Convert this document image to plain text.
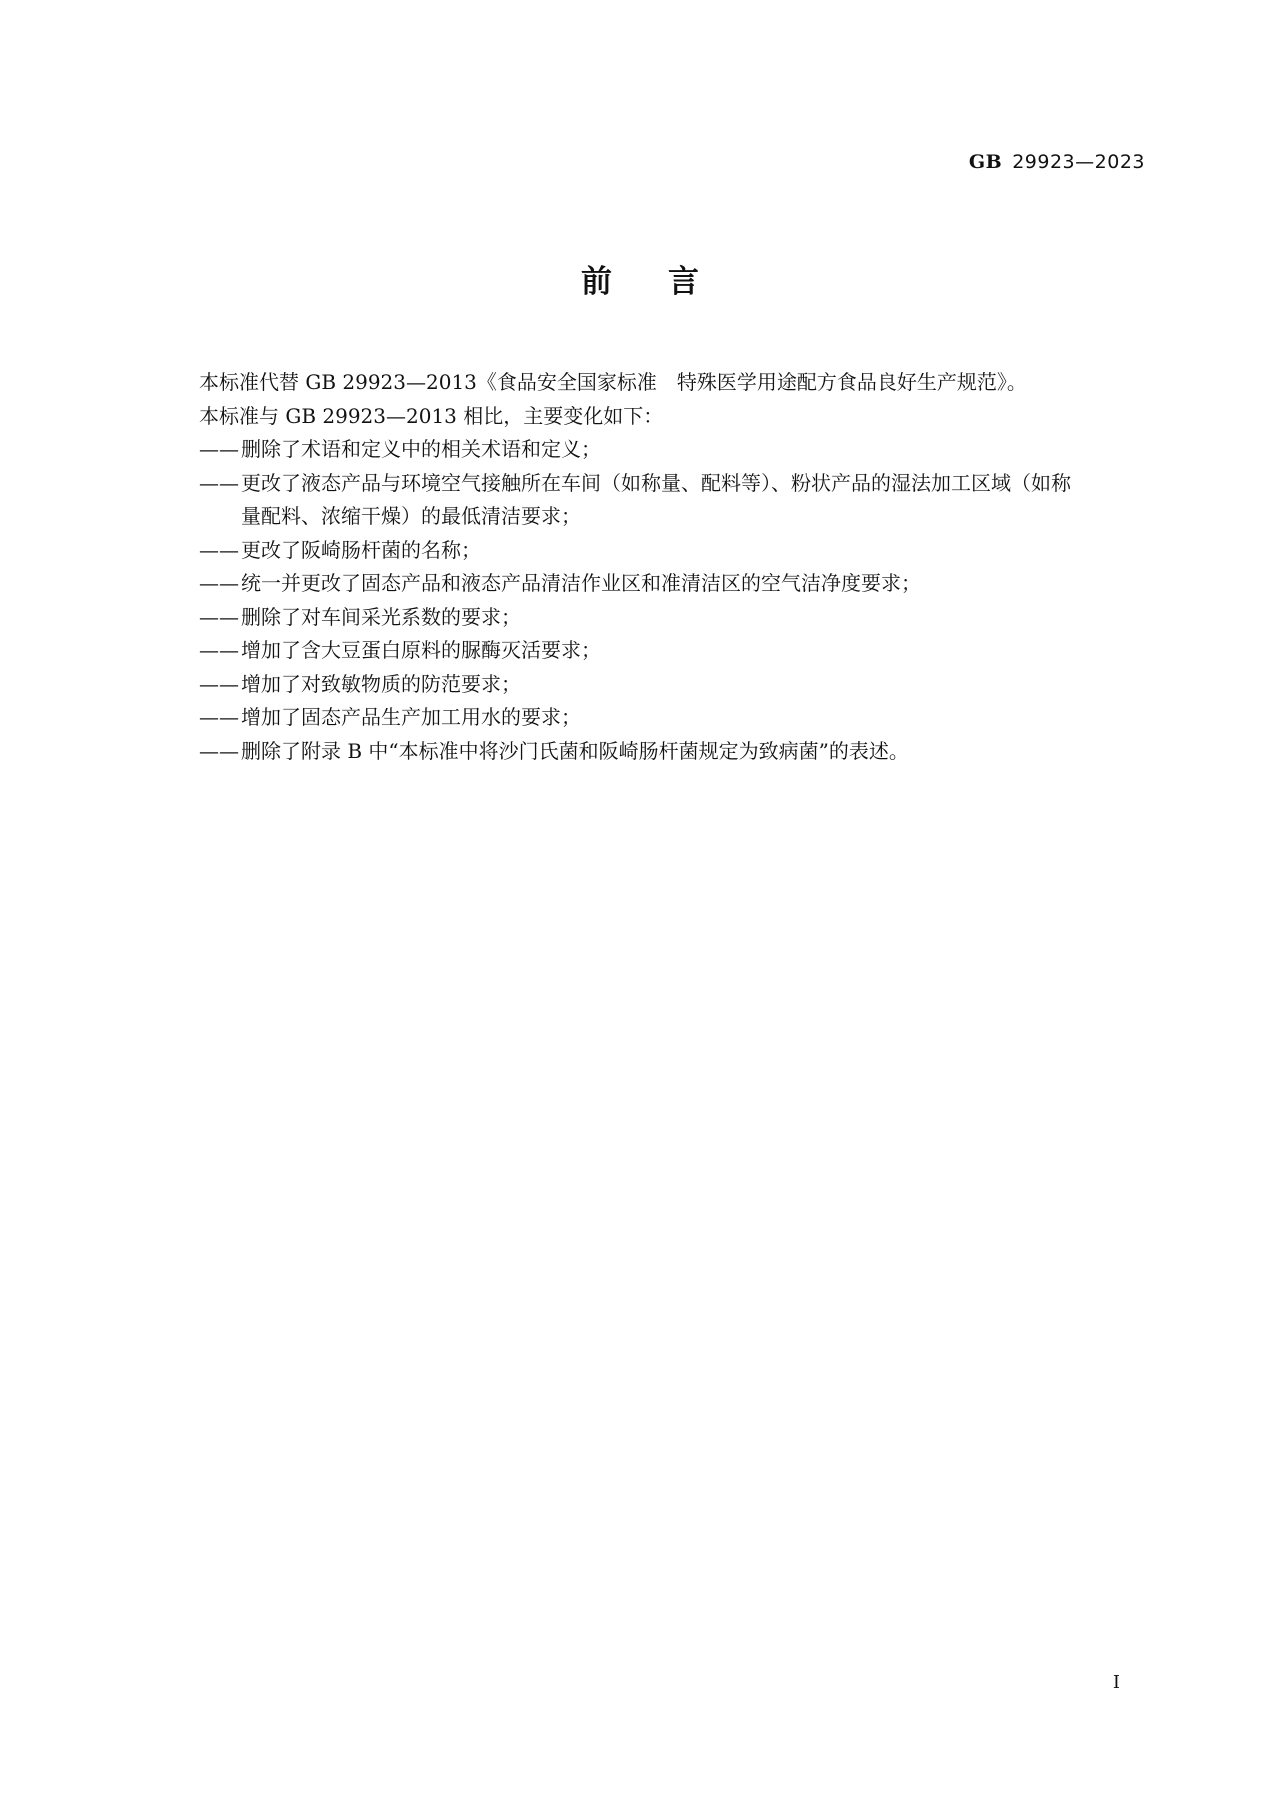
GB 29923—2023
前言

本标准代替 GB 29923—2013《食品安全国家标准　特殊医学用途配方食品良好生产规范》。

本标准与 GB 29923—2013 相比，主要变化如下：

—— 删除了术语和定义中的相关术语和定义；
—— 更改了液态产品与环境空气接触所在车间（如称量、配料等）、粉状产品的湿法加工区域（如称
量配料、浓缩干燥）的最低清洁要求；
—— 更改了阪崎肠杆菌的名称；
—— 统一并更改了固态产品和液态产品清洁作业区和准清洁区的空气洁净度要求；
—— 删除了对车间采光系数的要求；
—— 增加了含大豆蛋白原料的脲酶灭活要求；
—— 增加了对致敏物质的防范要求；
—— 增加了固态产品生产加工用水的要求；
—— 删除了附录 B 中“本标准中将沙门氏菌和阪崎肠杆菌规定为致病菌”的表述。
Ⅰ
